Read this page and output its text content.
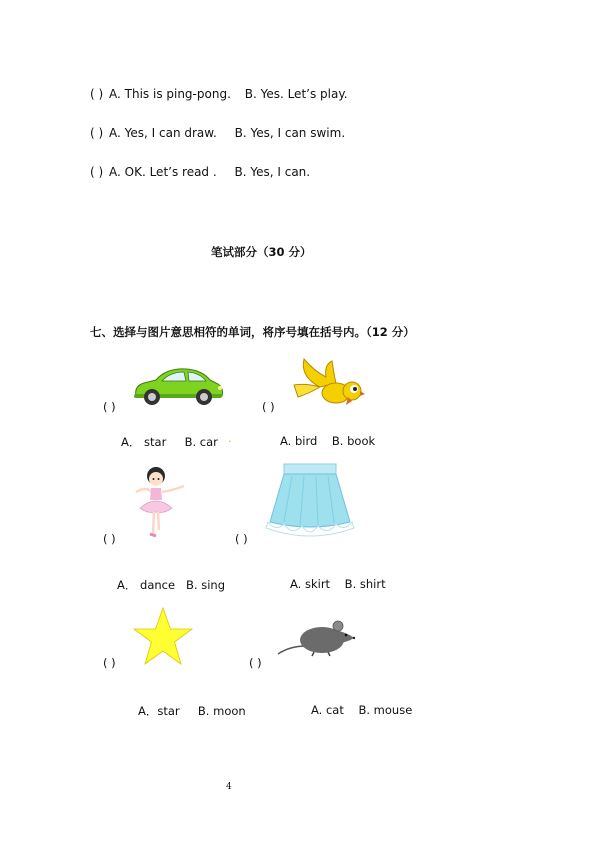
( ) A. This is ping-pong. B. Yes. Let’s play.
( ) A. Yes, I can draw. B. Yes, I can swim.
( ) A. OK. Let’s read . B. Yes, I can.
笔试部分（30 分）
七、选择与图片意思相符的单词，将序号填在括号内。（12 分）
( )	( )
A． star     B. car .	A. bird    B. book
( )	( )
A． dance   B. sing	A. skirt    B. shirt
( )	( )
A．star     B. moon	A. cat    B. mouse
4
